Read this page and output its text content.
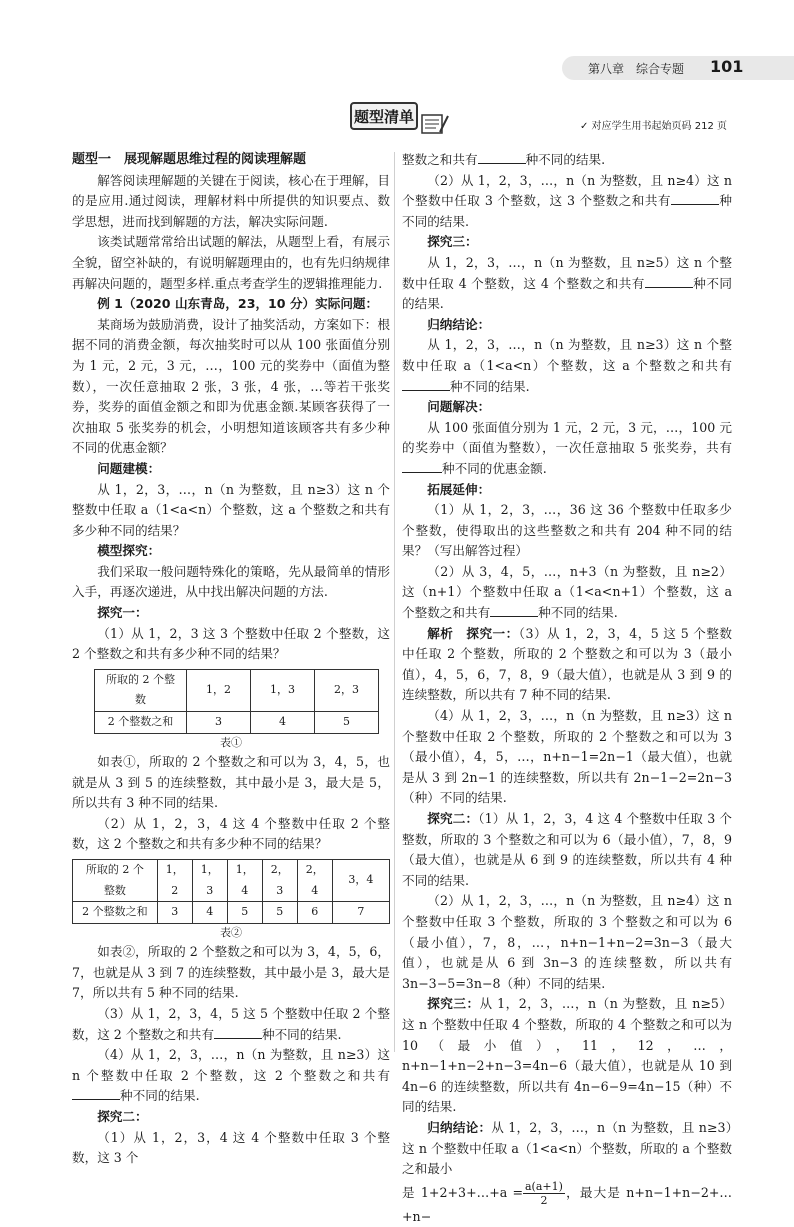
第八章　综合专题 101
题型清单
✓ 对应学生用书起始页码 212 页

题型一　展现解题思维过程的阅读理解题

解答阅读理解题的关键在于阅读，核心在于理解，目的是应用.通过阅读，理解材料中所提供的知识要点、数学思想，进而找到解题的方法，解决实际问题.

该类试题常常给出试题的解法，从题型上看，有展示全貌，留空补缺的，有说明解题理由的，也有先归纳规律再解决问题的，题型多样.重点考查学生的逻辑推理能力.

例 1（2020 山东青岛，23，10 分）实际问题：

某商场为鼓励消费，设计了抽奖活动，方案如下：根据不同的消费金额，每次抽奖时可以从 100 张面值分别为 1 元，2 元，3 元，…，100 元的奖券中（面值为整数），一次任意抽取 2 张，3 张，4 张，…等若干张奖券，奖券的面值金额之和即为优惠金额.某顾客获得了一次抽取 5 张奖券的机会，小明想知道该顾客共有多少种不同的优惠金额？

问题建模：

从 1，2，3，…，n（n 为整数，且 n≥3）这 n 个整数中任取 a（1<a<n）个整数，这 a 个整数之和共有多少种不同的结果？

模型探究：

我们采取一般问题特殊化的策略，先从最简单的情形入手，再逐次递进，从中找出解决问题的方法.

探究一：

（1）从 1，2，3 这 3 个整数中任取 2 个整数，这 2 个整数之和共有多少种不同的结果？

所取的 2 个整数	1，2	1，3	2，3
2 个整数之和	3	4	5

表①

如表①，所取的 2 个整数之和可以为 3，4，5，也就是从 3 到 5 的连续整数，其中最小是 3，最大是 5，所以共有 3 种不同的结果.

（2）从 1，2，3，4 这 4 个整数中任取 2 个整数，这 2 个整数之和共有多少种不同的结果？

所取的 2 个整数	1，2	1，3	1，4	2，3	2，4	3，4
2 个整数之和	3	4	5	5	6	7

表②

如表②，所取的 2 个整数之和可以为 3，4，5，6，7，也就是从 3 到 7 的连续整数，其中最小是 3，最大是 7，所以共有 5 种不同的结果.

（3）从 1，2，3，4，5 这 5 个整数中任取 2 个整数，这 2 个整数之和共有	种不同的结果.

（4）从 1，2，3，…，n（n 为整数，且 n≥3）这 n 个整数中任取 2 个整数，这 2 个整数之和共有种不同的结果.

探究二：

（1）从 1，2，3，4 这 4 个整数中任取 3 个整数，这 3 个

整数之和共有	种不同的结果.

（2）从 1，2，3，…，n（n 为整数，且 n≥4）这 n 个整数中任取 3 个整数，这 3 个整数之和共有	种不同的结果.

探究三：

从 1，2，3，…，n（n 为整数，且 n≥5）这 n 个整数中任取 4 个整数，这 4 个整数之和共有	种不同的结果.

归纳结论：

从 1，2，3，…，n（n 为整数，且 n≥3）这 n 个整数中任取 a（1<a<n）个整数，这 a 个整数之和共有种不同的结果.

问题解决：

从 100 张面值分别为 1 元，2 元，3 元，…，100 元的奖券中（面值为整数），一次任意抽取 5 张奖券，共有种不同的优惠金额.

拓展延伸：

（1）从 1，2，3，…，36 这 36 个整数中任取多少个整数，使得取出的这些整数之和共有 204 种不同的结果？（写出解答过程）

（2）从 3，4，5，…，n+3（n 为整数，且 n≥2）这（n+1）个整数中任取 a（1<a<n+1）个整数，这 a 个整数之和共有	种不同的结果.

解析　 探究一：（3）从 1，2，3，4，5 这 5 个整数中任取 2 个整数，所取的 2 个整数之和可以为 3（最小值），4，5，6，7，8，9（最大值），也就是从 3 到 9 的连续整数，所以共有 7 种不同的结果.

（4）从 1，2，3，…，n（n 为整数，且 n≥3）这 n 个整数中任取 2 个整数，所取的 2 个整数之和可以为 3（最小值），4，5，…，n+n−1=2n−1（最大值），也就是从 3 到 2n−1 的连续整数，所以共有 2n−1−2=2n−3（种）不同的结果.

探究二：（1）从 1，2，3，4 这 4 个整数中任取 3 个整数，所取的 3 个整数之和可以为 6（最小值），7，8，9（最大值），也就是从 6 到 9 的连续整数，所以共有 4 种不同的结果.

（2）从 1，2，3，…，n（n 为整数，且 n≥4）这 n 个整数中任取 3 个整数，所取的 3 个整数之和可以为 6（最小值），7，8，…，n+n−1+n−2=3n−3（最大值），也就是从 6 到 3n−3 的连续整数，所以共有 3n−3−5=3n−8（种）不同的结果.

探究三：从 1，2，3，…，n（n 为整数，且 n≥5）这 n 个整数中任取 4 个整数，所取的 4 个整数之和可以为 10（最小值），11，12，…，n+n−1+n−2+n−3=4n−6（最大值），也就是从 10 到 4n−6 的连续整数，所以共有 4n−6−9=4n−15（种）不同的结果.

归纳结论：从 1，2，3，…，n（n 为整数，且 n≥3）这 n 个整数中任取 a（1<a<n）个整数，所取的 a 个整数之和最小

是 1+2+3+…+a = $\frac{a(a+1)}{2}$ ，最大是 n+n−1+n−2+…+n−
